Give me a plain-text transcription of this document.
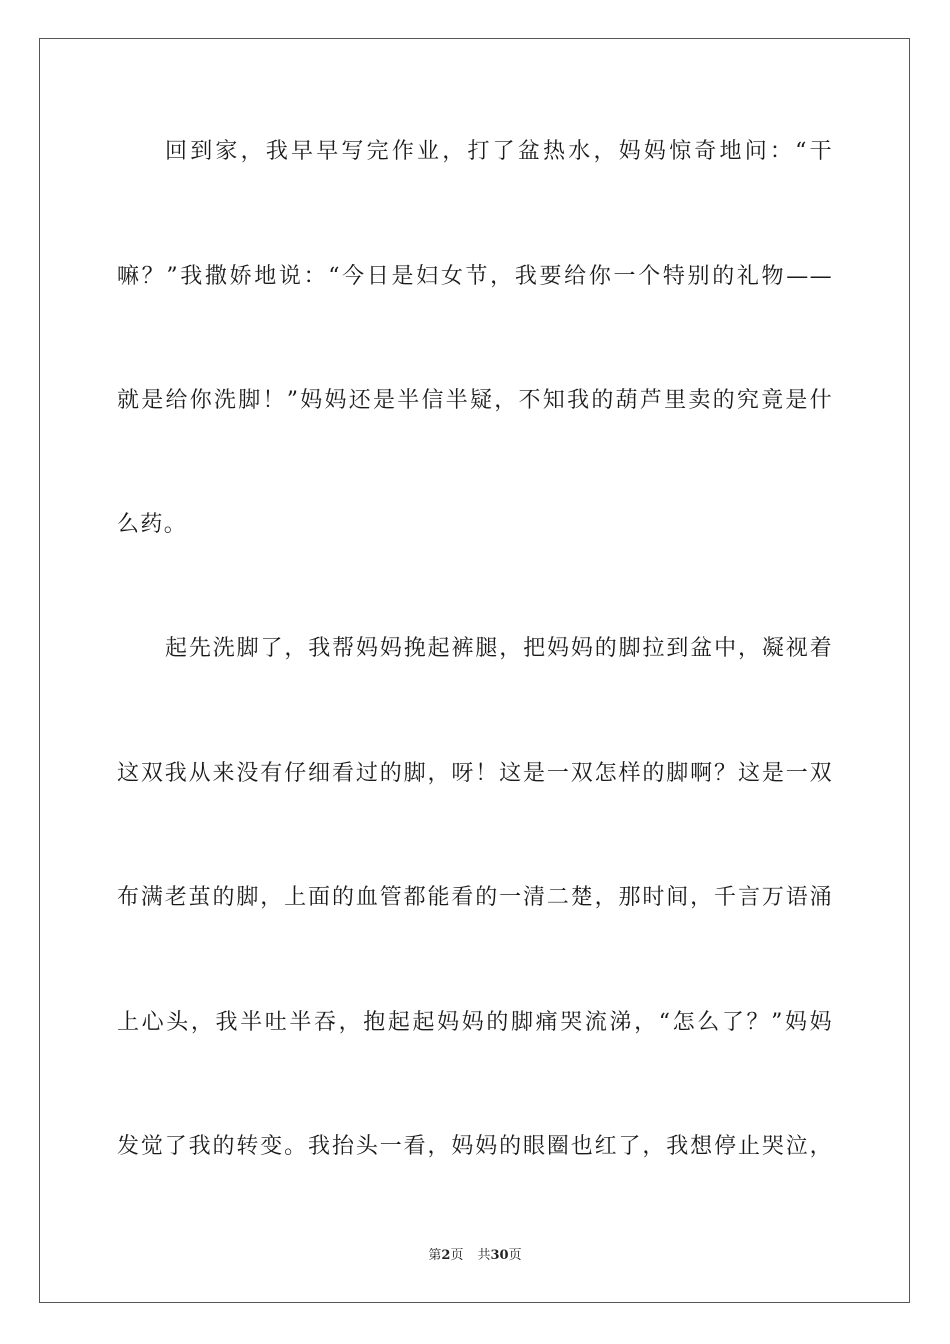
回到家，我早早写完作业，打了盆热水，妈妈惊奇地问：“干
嘛？”我撒娇地说：“今日是妇女节，我要给你一个特别的礼物——
就是给你洗脚！”妈妈还是半信半疑，不知我的葫芦里卖的究竟是什
么药。
起先洗脚了，我帮妈妈挽起裤腿，把妈妈的脚拉到盆中，凝视着
这双我从来没有仔细看过的脚，呀！这是一双怎样的脚啊？这是一双
布满老茧的脚，上面的血管都能看的一清二楚，那时间，千言万语涌
上心头，我半吐半吞，抱起起妈妈的脚痛哭流涕，“怎么了？”妈妈
发觉了我的转变。我抬头一看，妈妈的眼圈也红了，我想停止哭泣，
第2页 共30页
